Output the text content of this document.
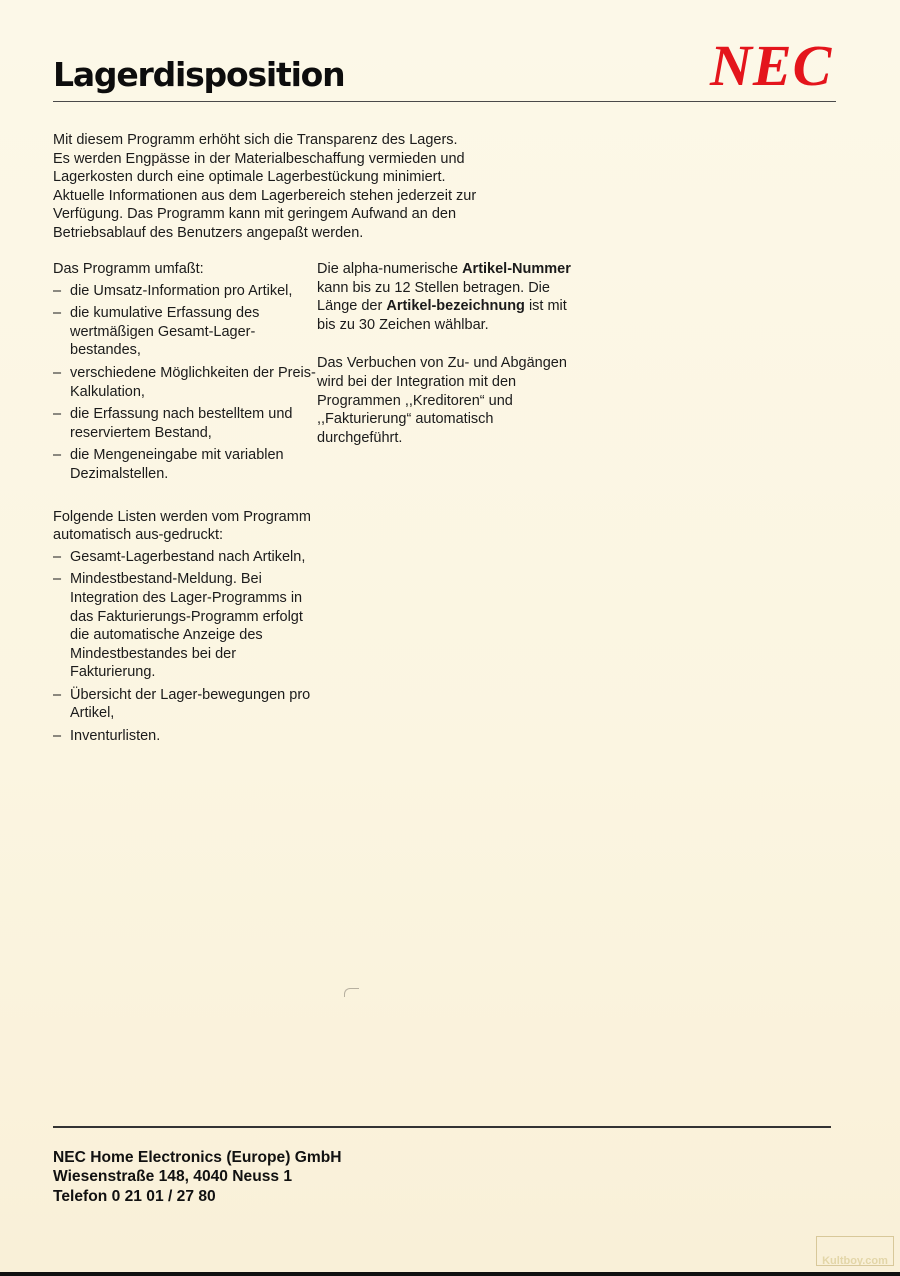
Lagerdisposition	NEC
Mit diesem Programm erhöht sich die Transparenz des Lagers.
Es werden Engpässe in der Materialbeschaffung vermieden und
Lagerkosten durch eine optimale Lagerbestückung minimiert.
Aktuelle Informationen aus dem Lagerbereich stehen jederzeit zur
Verfügung. Das Programm kann mit geringem Aufwand an den
Betriebsablauf des Benutzers angepaßt werden.

Das Programm umfaßt:

– die Umsatz-Information pro Artikel,
– die kumulative Erfassung des wertmäßigen Gesamt-Lager-bestandes,
– verschiedene Möglichkeiten der Preis-Kalkulation,
– die Erfassung nach bestelltem und reserviertem Bestand,
– die Mengeneingabe mit variablen Dezimalstellen.

Folgende Listen werden vom Programm automatisch aus-gedruckt:

– Gesamt-Lagerbestand nach Artikeln,
– Mindestbestand-Meldung. Bei Integration des Lager-Programms in das Fakturierungs-Programm erfolgt die automatische Anzeige des Mindestbestandes bei der Fakturierung.
– Übersicht der Lager-bewegungen pro Artikel,
– Inventurlisten.

Die alpha-numerische Artikel-Nummer kann bis zu 12 Stellen betragen. Die Länge der Artikel-bezeichnung ist mit bis zu 30 Zeichen wählbar.

Das Verbuchen von Zu- und Abgängen wird bei der Integration mit den Programmen ,,Kreditoren“ und ,,Fakturierung“ automatisch durchgeführt.

NEC Home Electronics (Europe) GmbH
Wiesenstraße 148, 4040 Neuss 1
Telefon 0 21 01 / 27 80
Kultboy.com
